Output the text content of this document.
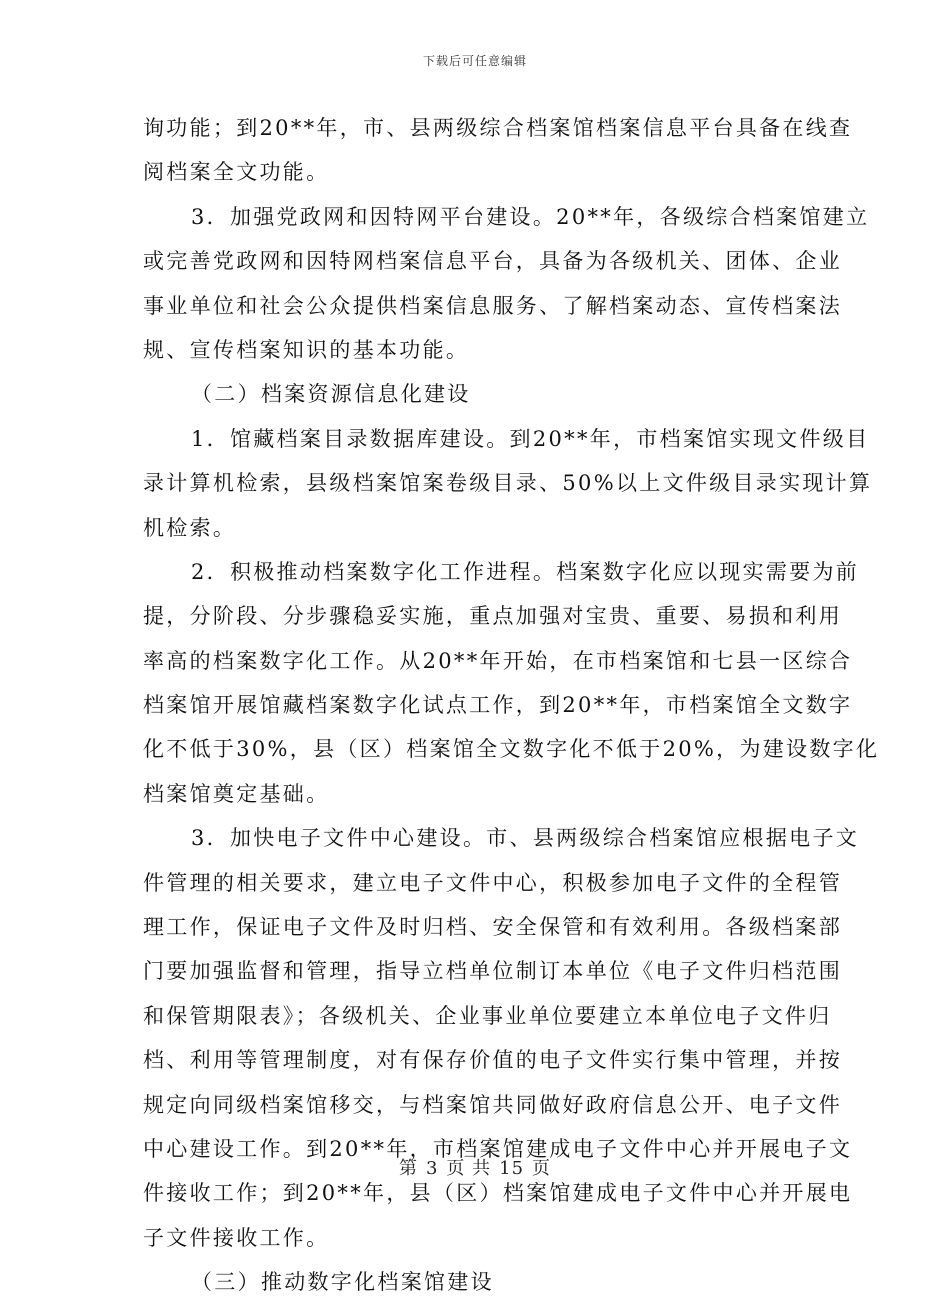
下载后可任意编辑
询功能；到20**年，市、县两级综合档案馆档案信息平台具备在线查
阅档案全文功能。
3．加强党政网和因特网平台建设。20**年，各级综合档案馆建立
或完善党政网和因特网档案信息平台，具备为各级机关、团体、企业
事业单位和社会公众提供档案信息服务、了解档案动态、宣传档案法
规、宣传档案知识的基本功能。
（二）档案资源信息化建设
1．馆藏档案目录数据库建设。到20**年，市档案馆实现文件级目
录计算机检索，县级档案馆案卷级目录、50%以上文件级目录实现计算
机检索。
2．积极推动档案数字化工作进程。档案数字化应以现实需要为前
提，分阶段、分步骤稳妥实施，重点加强对宝贵、重要、易损和利用
率高的档案数字化工作。从20**年开始，在市档案馆和七县一区综合
档案馆开展馆藏档案数字化试点工作，到20**年，市档案馆全文数字
化不低于30%，县（区）档案馆全文数字化不低于20%，为建设数字化
档案馆奠定基础。
3．加快电子文件中心建设。市、县两级综合档案馆应根据电子文
件管理的相关要求，建立电子文件中心，积极参加电子文件的全程管
理工作，保证电子文件及时归档、安全保管和有效利用。各级档案部
门要加强监督和管理，指导立档单位制订本单位《电子文件归档范围
和保管期限表》；各级机关、企业事业单位要建立本单位电子文件归
档、利用等管理制度，对有保存价值的电子文件实行集中管理，并按
规定向同级档案馆移交，与档案馆共同做好政府信息公开、电子文件
中心建设工作。到20**年，市档案馆建成电子文件中心并开展电子文
件接收工作；到20**年，县（区）档案馆建成电子文件中心并开展电
子文件接收工作。
（三）推动数字化档案馆建设
第 3 页 共 15 页
